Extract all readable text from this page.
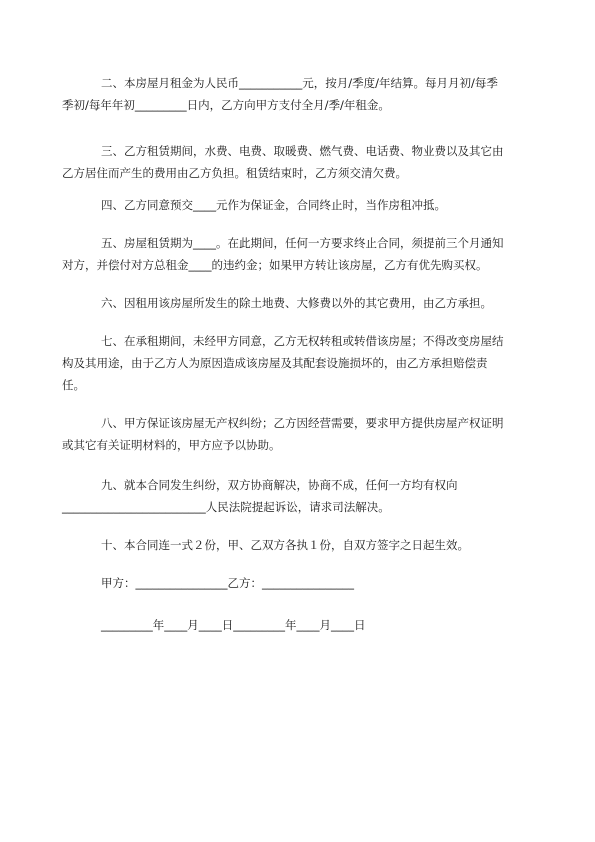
二、本房屋月租金为人民币___________元，按月/季度/年结算。每月月初/每季
季初/每年年初_________日内，乙方向甲方支付全月/季/年租金。

三、乙方租赁期间，水费、电费、取暖费、燃气费、电话费、物业费以及其它由
乙方居住而产生的费用由乙方负担。租赁结束时，乙方须交清欠费。

四、乙方同意预交____元作为保证金，合同终止时，当作房租冲抵。

五、房屋租赁期为____。在此期间，任何一方要求终止合同，须提前三个月通知
对方，并偿付对方总租金____的违约金；如果甲方转让该房屋，乙方有优先购买权。

六、因租用该房屋所发生的除土地费、大修费以外的其它费用，由乙方承担。

七、在承租期间，未经甲方同意，乙方无权转租或转借该房屋；不得改变房屋结
构及其用途，由于乙方人为原因造成该房屋及其配套设施损坏的，由乙方承担赔偿责
任。

八、甲方保证该房屋无产权纠纷；乙方因经营需要，要求甲方提供房屋产权证明
或其它有关证明材料的，甲方应予以协助。

九、就本合同发生纠纷，双方协商解决，协商不成，任何一方均有权向
_________________________人民法院提起诉讼，请求司法解决。

十、本合同连一式２份，甲、乙双方各执１份，自双方签字之日起生效。

甲方：________________乙方：________________

_________年____月____日_________年____月____日
